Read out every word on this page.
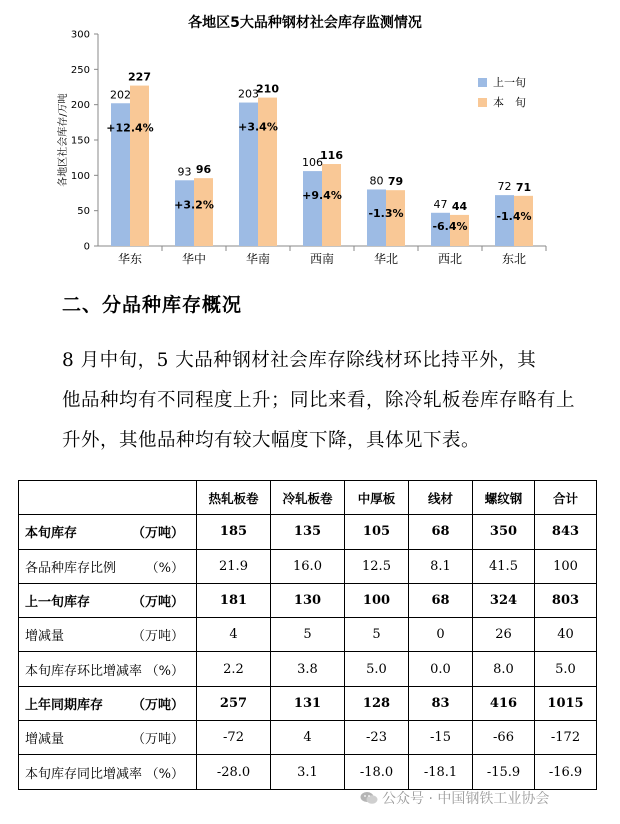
各地区5大品种钢材社会库存监测情况
各地区社会库存/万吨
0
50
100
150
200
250
300
华东
202
227
+12.4%
华中
93 96
+3.2%
华南
203
210
+3.4%
西南
106
116
+9.4%
华北
80 79
-1.3%
西北
47 44
-6.4%
东北
72 71
-1.4%
上一旬
本　旬
二、分品种库存概况
8 月中旬，5 大品种钢材社会库存除线材环比持平外，其
他品种均有不同程度上升；同比来看，除冷轧板卷库存略有上
升外，其他品种均有较大幅度下降，具体见下表。
	热轧板卷	冷轧板卷	中厚板	线材	螺纹钢	合计

（万吨）
本旬库存	185	135	105	68	350	843

（%）
各品种库存比例	21.9	16.0	12.5	8.1	41.5	100

（万吨）
上一旬库存	181	130	100	68	324	803

（万吨）
增减量	4	5	5	0	26	40

（%）
本旬库存环比增减率	2.2	3.8	5.0	0.0	8.0	5.0

（万吨）
上年同期库存	257	131	128	83	416	1015

（万吨）
增减量	-72	4	-23	-15	-66	-172

（%）
本旬库存同比增减率	-28.0	3.1	-18.0	-18.1	-15.9	-16.9
公众号 · 中国钢铁工业协会
